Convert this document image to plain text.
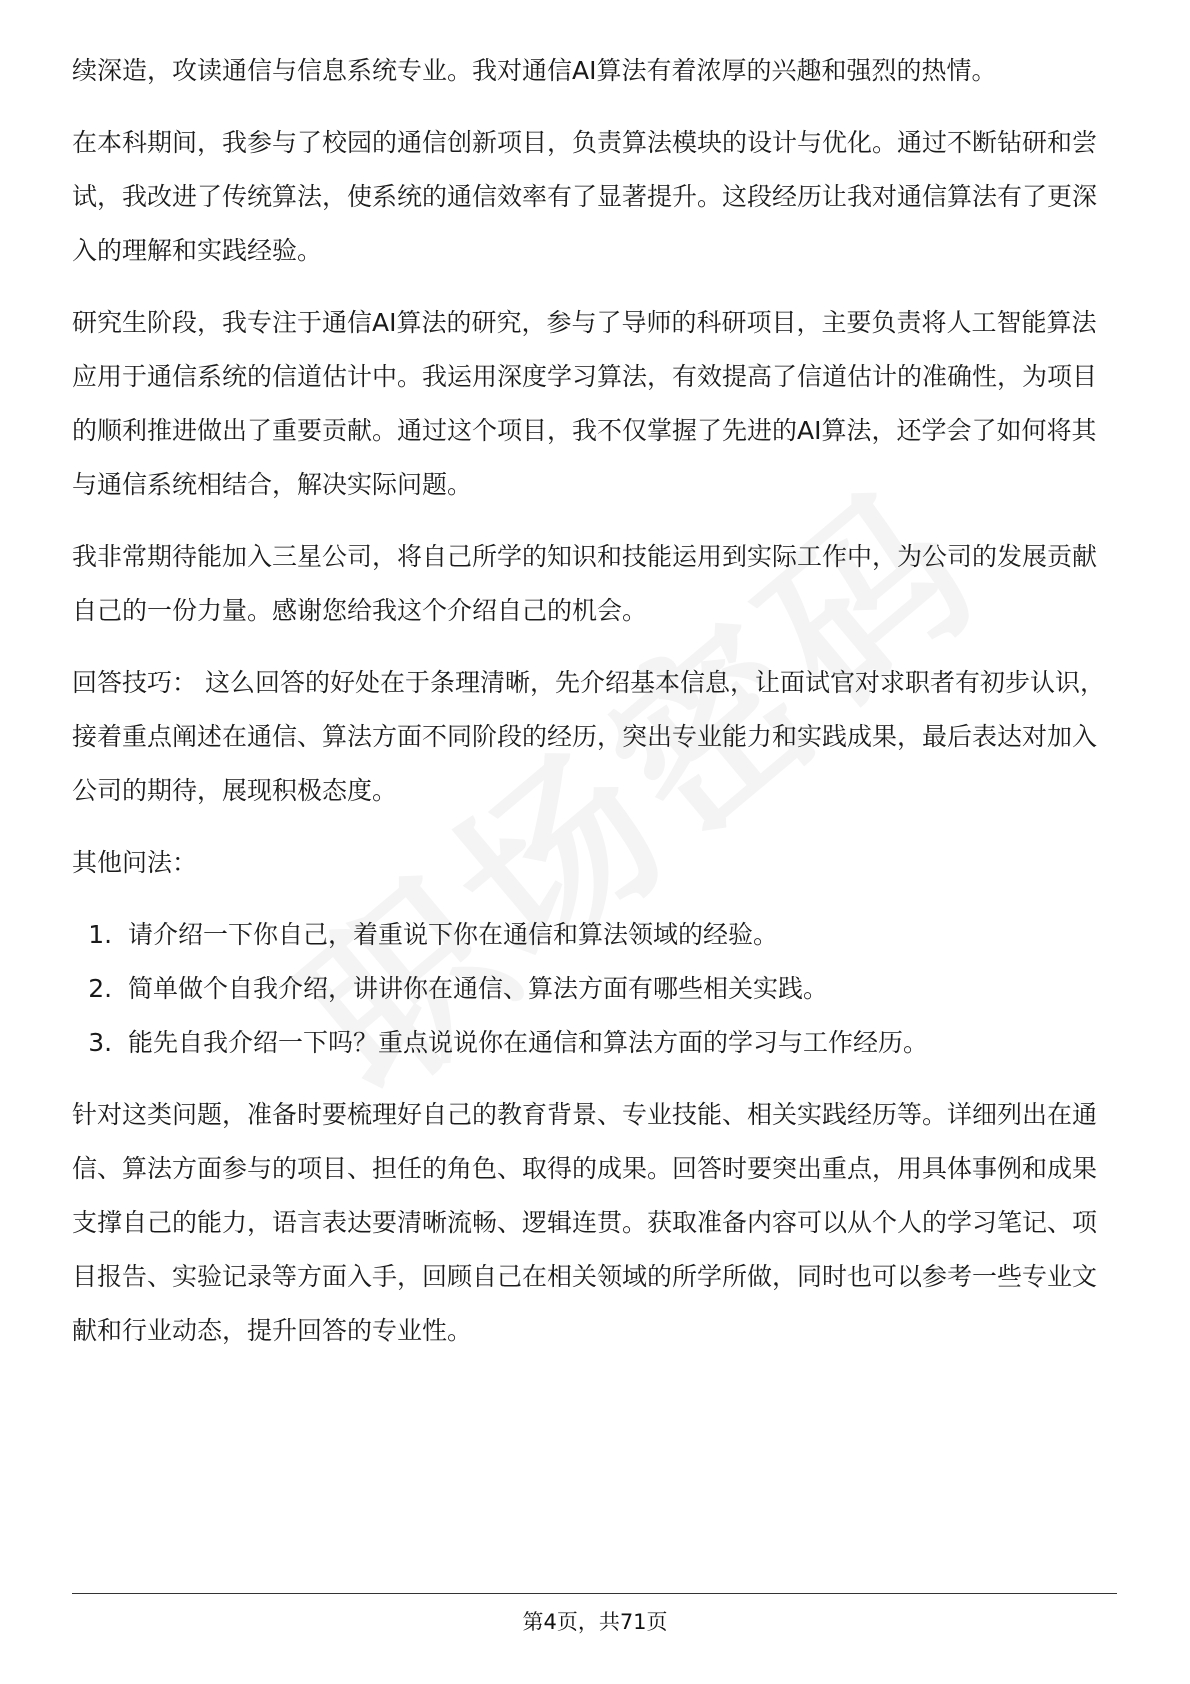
续深造，攻读通信与信息系统专业。我对通信AI算法有着浓厚的兴趣和强烈的热情。

在本科期间，我参与了校园的通信创新项目，负责算法模块的设计与优化。通过不断钻研和尝试，我改进了传统算法，使系统的通信效率有了显著提升。这段经历让我对通信算法有了更深入的理解和实践经验。

研究生阶段，我专注于通信AI算法的研究，参与了导师的科研项目，主要负责将人工智能算法应用于通信系统的信道估计中。我运用深度学习算法，有效提高了信道估计的准确性，为项目的顺利推进做出了重要贡献。通过这个项目，我不仅掌握了先进的AI算法，还学会了如何将其与通信系统相结合，解决实际问题。

我非常期待能加入三星公司，将自己所学的知识和技能运用到实际工作中，为公司的发展贡献自己的一份力量。感谢您给我这个介绍自己的机会。

回答技巧： 这么回答的好处在于条理清晰，先介绍基本信息，让面试官对求职者有初步认识，接着重点阐述在通信、算法方面不同阶段的经历，突出专业能力和实践成果，最后表达对加入公司的期待，展现积极态度。

其他问法：

1. 请介绍一下你自己，着重说下你在通信和算法领域的经验。
2. 简单做个自我介绍，讲讲你在通信、算法方面有哪些相关实践。
3. 能先自我介绍一下吗？重点说说你在通信和算法方面的学习与工作经历。

针对这类问题，准备时要梳理好自己的教育背景、专业技能、相关实践经历等。详细列出在通信、算法方面参与的项目、担任的角色、取得的成果。回答时要突出重点，用具体事例和成果支撑自己的能力，语言表达要清晰流畅、逻辑连贯。获取准备内容可以从个人的学习笔记、项目报告、实验记录等方面入手，回顾自己在相关领域的所学所做，同时也可以参考一些专业文献和行业动态，提升回答的专业性。

第4页，共71页
